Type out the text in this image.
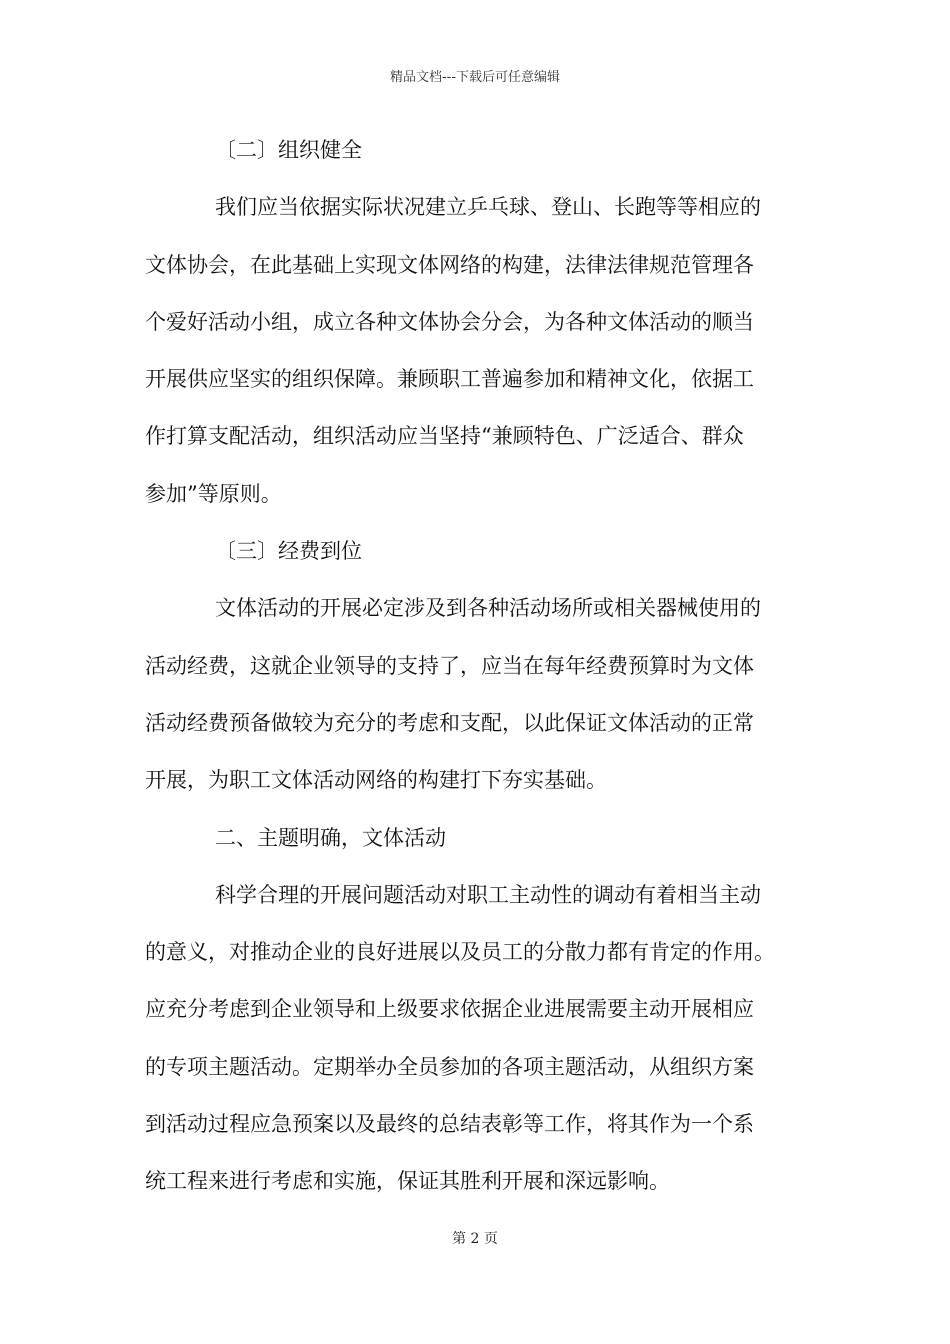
精品文档---下载后可任意编辑
〔二〕组织健全
我们应当依据实际状况建立乒乓球、登山、长跑等等相应的
文体协会，在此基础上实现文体网络的构建，法律法律规范管理各
个爱好活动小组，成立各种文体协会分会，为各种文体活动的顺当
开展供应坚实的组织保障。兼顾职工普遍参加和精神文化，依据工
作打算支配活动，组织活动应当坚持“兼顾特色、广泛适合、群众
参加”等原则。
〔三〕经费到位
文体活动的开展必定涉及到各种活动场所或相关器械使用的
活动经费，这就企业领导的支持了，应当在每年经费预算时为文体
活动经费预备做较为充分的考虑和支配，以此保证文体活动的正常
开展，为职工文体活动网络的构建打下夯实基础。
二、主题明确，文体活动
科学合理的开展问题活动对职工主动性的调动有着相当主动
的意义，对推动企业的良好进展以及员工的分散力都有肯定的作用。
应充分考虑到企业领导和上级要求依据企业进展需要主动开展相应
的专项主题活动。定期举办全员参加的各项主题活动，从组织方案
到活动过程应急预案以及最终的总结表彰等工作，将其作为一个系
统工程来进行考虑和实施，保证其胜利开展和深远影响。
第 2 页
